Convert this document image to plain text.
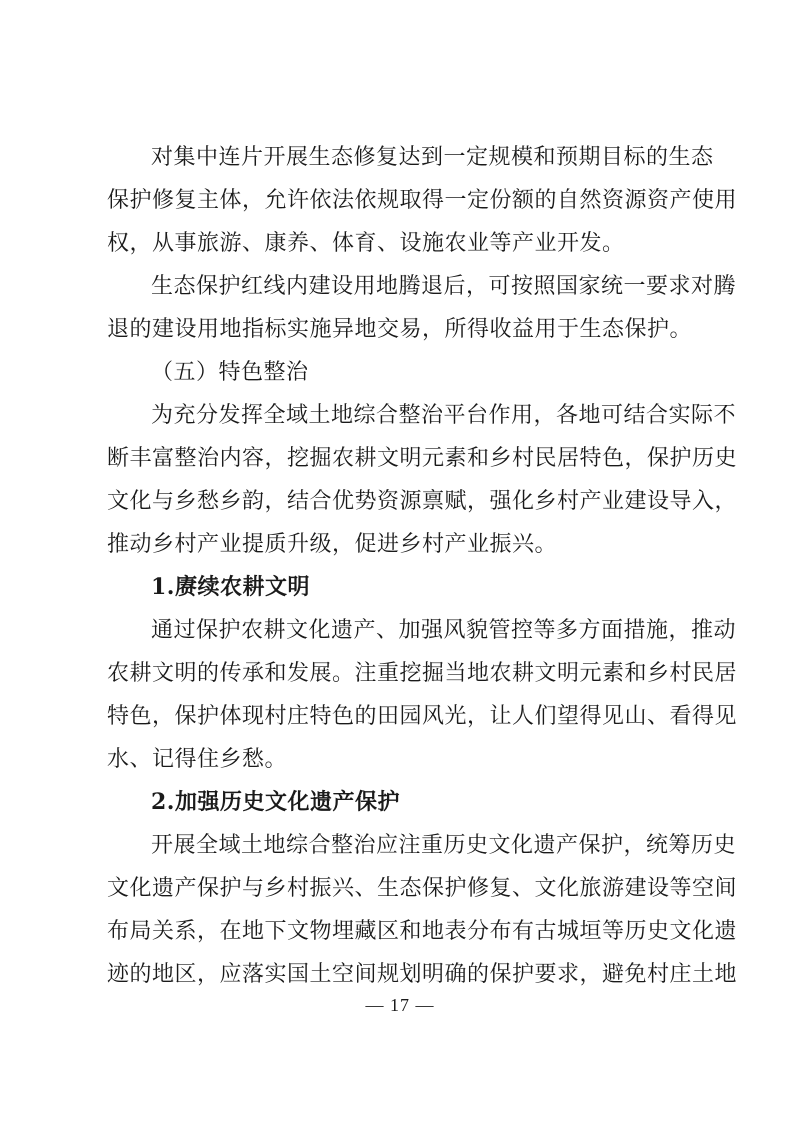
对集中连片开展生态修复达到一定规模和预期目标的生态
保护修复主体，允许依法依规取得一定份额的自然资源资产使用
权，从事旅游、康养、体育、设施农业等产业开发。
生态保护红线内建设用地腾退后，可按照国家统一要求对腾
退的建设用地指标实施异地交易，所得收益用于生态保护。
（五）特色整治
为充分发挥全域土地综合整治平台作用，各地可结合实际不
断丰富整治内容，挖掘农耕文明元素和乡村民居特色，保护历史
文化与乡愁乡韵，结合优势资源禀赋，强化乡村产业建设导入，
推动乡村产业提质升级，促进乡村产业振兴。
1.赓续农耕文明
通过保护农耕文化遗产、加强风貌管控等多方面措施，推动
农耕文明的传承和发展。注重挖掘当地农耕文明元素和乡村民居
特色，保护体现村庄特色的田园风光，让人们望得见山、看得见
水、记得住乡愁。
2.加强历史文化遗产保护
开展全域土地综合整治应注重历史文化遗产保护，统筹历史
文化遗产保护与乡村振兴、生态保护修复、文化旅游建设等空间
布局关系，在地下文物埋藏区和地表分布有古城垣等历史文化遗
迹的地区，应落实国土空间规划明确的保护要求，避免村庄土地
— 17 —
